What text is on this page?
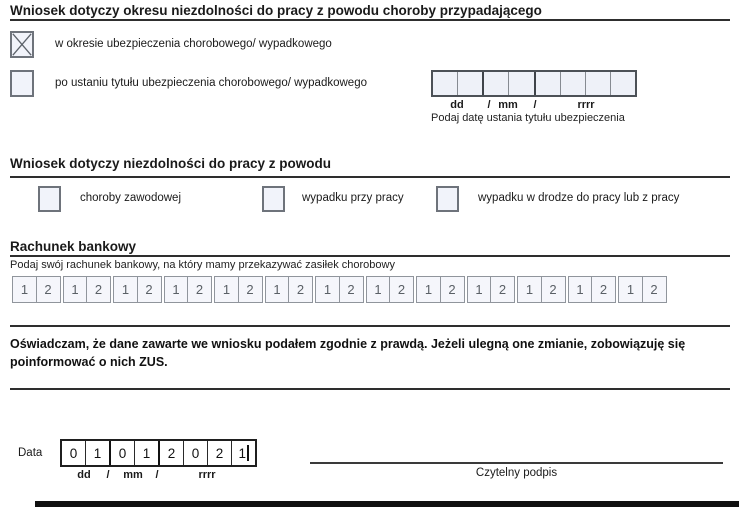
Wniosek dotyczy okresu niezdolności do pracy z powodu choroby przypadającego
w okresie ubezpieczenia chorobowego/ wypadkowego
po ustaniu tytułu ubezpieczenia chorobowego/ wypadkowego
dd / mm /	rrrr
Podaj datę ustania tytułu ubezpieczenia
Wniosek dotyczy niezdolności do pracy z powodu
choroby zawodowej	wypadku przy pracy	wypadku w drodze do pracy lub z pracy
Rachunek bankowy
Podaj swój rachunek bankowy, na który mamy przekazywać zasiłek chorobowy
1	2	1	2	1	2	1	2	1	2	1	2	1	2	1	2	1	2	1	2	1	2	1	2	1	2
Oświadczam, że dane zawarte we wniosku podałem zgodnie z prawdą. Jeżeli ulegną one zmianie, zobowiązuję się poinformować o nich ZUS.
Data	0	1	0	1	2	0	2	1
dd / mm /	rrrr	Czytelny podpis
